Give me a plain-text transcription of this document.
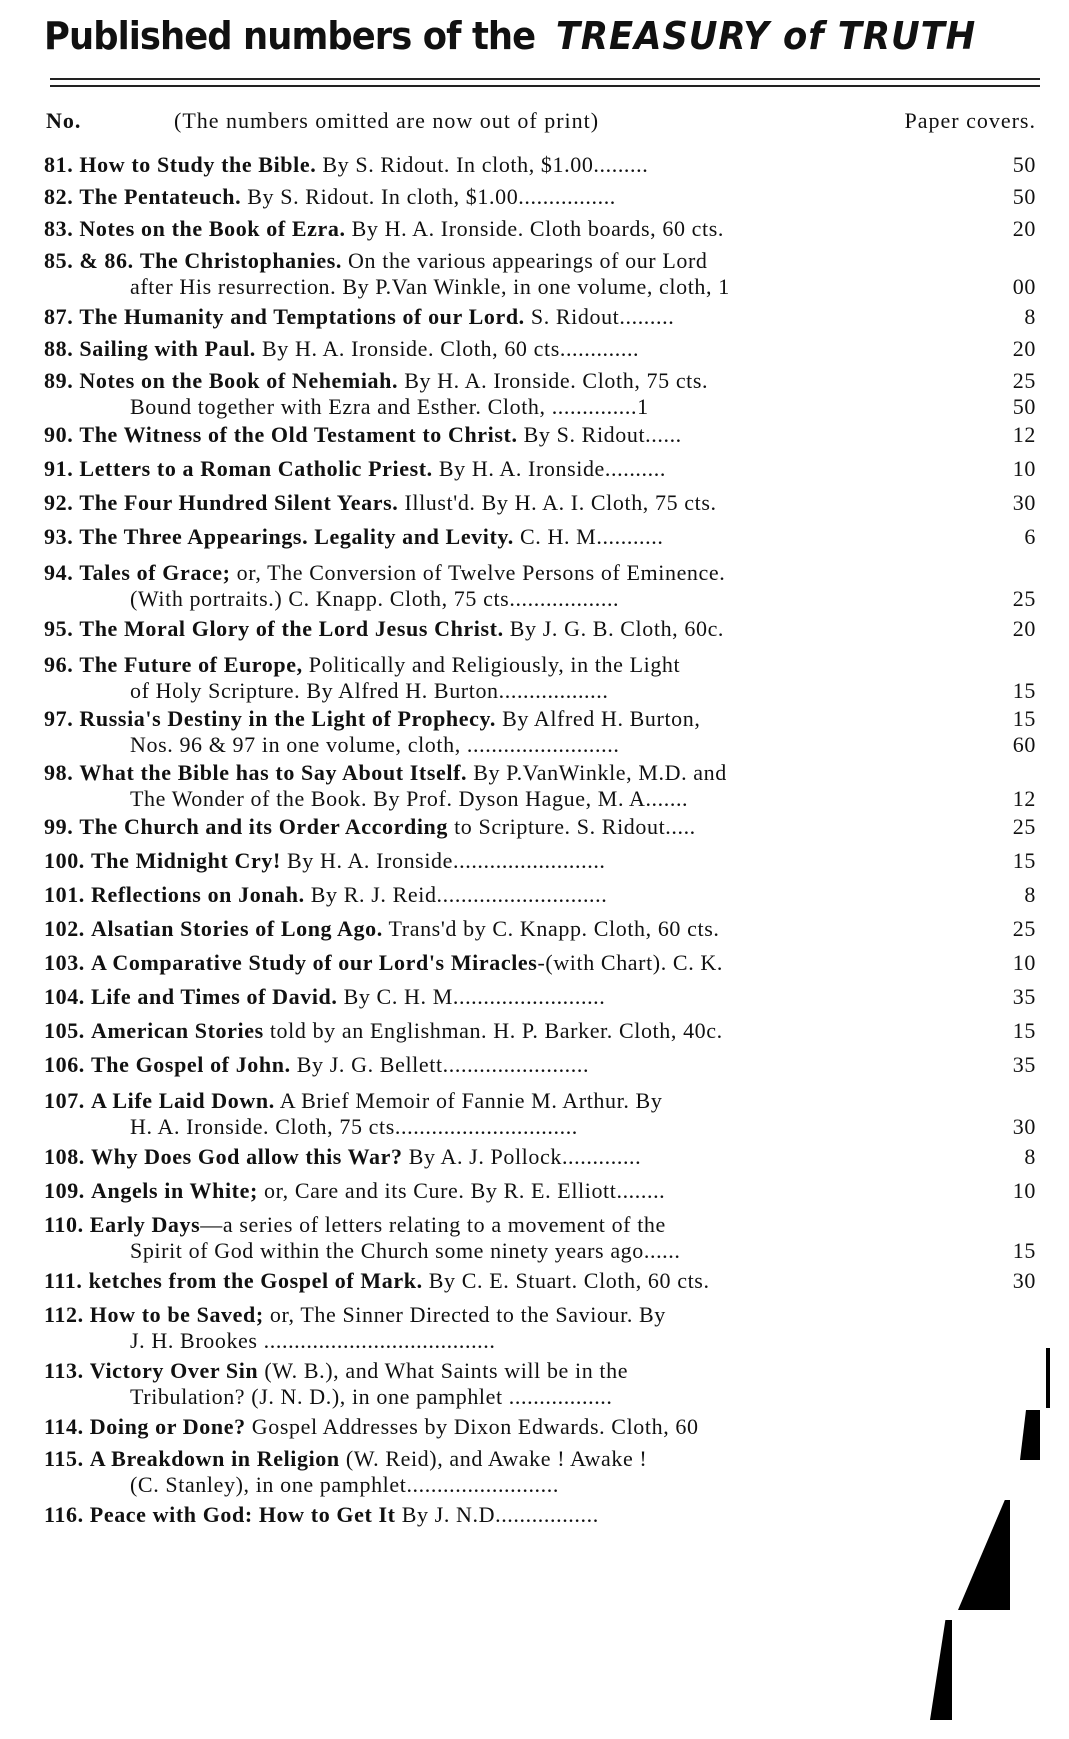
Published numbers of the TREASURY of TRUTH
No.	(The numbers omitted are now out of print)	Paper covers.
81. How to Study the Bible. By S. Ridout. In cloth, $1.00.........	50
82. The Pentateuch. By S. Ridout. In cloth, $1.00................	50
83. Notes on the Book of Ezra. By H. A. Ironside. Cloth boards, 60 cts.	20
85. & 86. The Christophanies. On the various appearings of our Lord
after His resurrection. By P.Van Winkle, in one volume, cloth, 1	00
87. The Humanity and Temptations of our Lord. S. Ridout.........	8
88. Sailing with Paul. By H. A. Ironside. Cloth, 60 cts.............	20
89. Notes on the Book of Nehemiah. By H. A. Ironside. Cloth, 75 cts.	25
Bound together with Ezra and Esther. Cloth, ..............1	50
90. The Witness of the Old Testament to Christ. By S. Ridout......	12
91. Letters to a Roman Catholic Priest. By H. A. Ironside..........	10
92. The Four Hundred Silent Years. Illust'd. By H. A. I. Cloth, 75 cts.	30
93. The Three Appearings. Legality and Levity. C. H. M...........	6
94. Tales of Grace; or, The Conversion of Twelve Persons of Eminence.
(With portraits.) C. Knapp. Cloth, 75 cts..................	25
95. The Moral Glory of the Lord Jesus Christ. By J. G. B. Cloth, 60c.	20
96. The Future of Europe, Politically and Religiously, in the Light
of Holy Scripture. By Alfred H. Burton..................	15
97. Russia's Destiny in the Light of Prophecy. By Alfred H. Burton,	15
Nos. 96 & 97 in one volume, cloth, .........................	60
98. What the Bible has to Say About Itself. By P.VanWinkle, M.D. and
The Wonder of the Book. By Prof. Dyson Hague, M. A.......	12
99. The Church and its Order According to Scripture. S. Ridout.....	25
100. The Midnight Cry! By H. A. Ironside.........................	15
101. Reflections on Jonah. By R. J. Reid............................	8
102. Alsatian Stories of Long Ago. Trans'd by C. Knapp. Cloth, 60 cts.	25
103. A Comparative Study of our Lord's Miracles-(with Chart). C. K.	10
104. Life and Times of David. By C. H. M.........................	35
105. American Stories told by an Englishman. H. P. Barker. Cloth, 40c.	15
106. The Gospel of John. By J. G. Bellett........................	35
107. A Life Laid Down. A Brief Memoir of Fannie M. Arthur. By
H. A. Ironside. Cloth, 75 cts..............................	30
108. Why Does God allow this War? By A. J. Pollock.............	8
109. Angels in White; or, Care and its Cure. By R. E. Elliott........	10
110. Early Days—a series of letters relating to a movement of the
Spirit of God within the Church some ninety years ago......	15
111. ketches from the Gospel of Mark. By C. E. Stuart. Cloth, 60 cts.	30
112. How to be Saved; or, The Sinner Directed to the Saviour. By
J. H. Brookes ......................................
113. Victory Over Sin (W. B.), and What Saints will be in the
Tribulation? (J. N. D.), in one pamphlet .................
114. Doing or Done? Gospel Addresses by Dixon Edwards. Cloth, 60
115. A Breakdown in Religion (W. Reid), and Awake ! Awake !
(C. Stanley), in one pamphlet.........................
116. Peace with God: How to Get It By J. N.D.................
